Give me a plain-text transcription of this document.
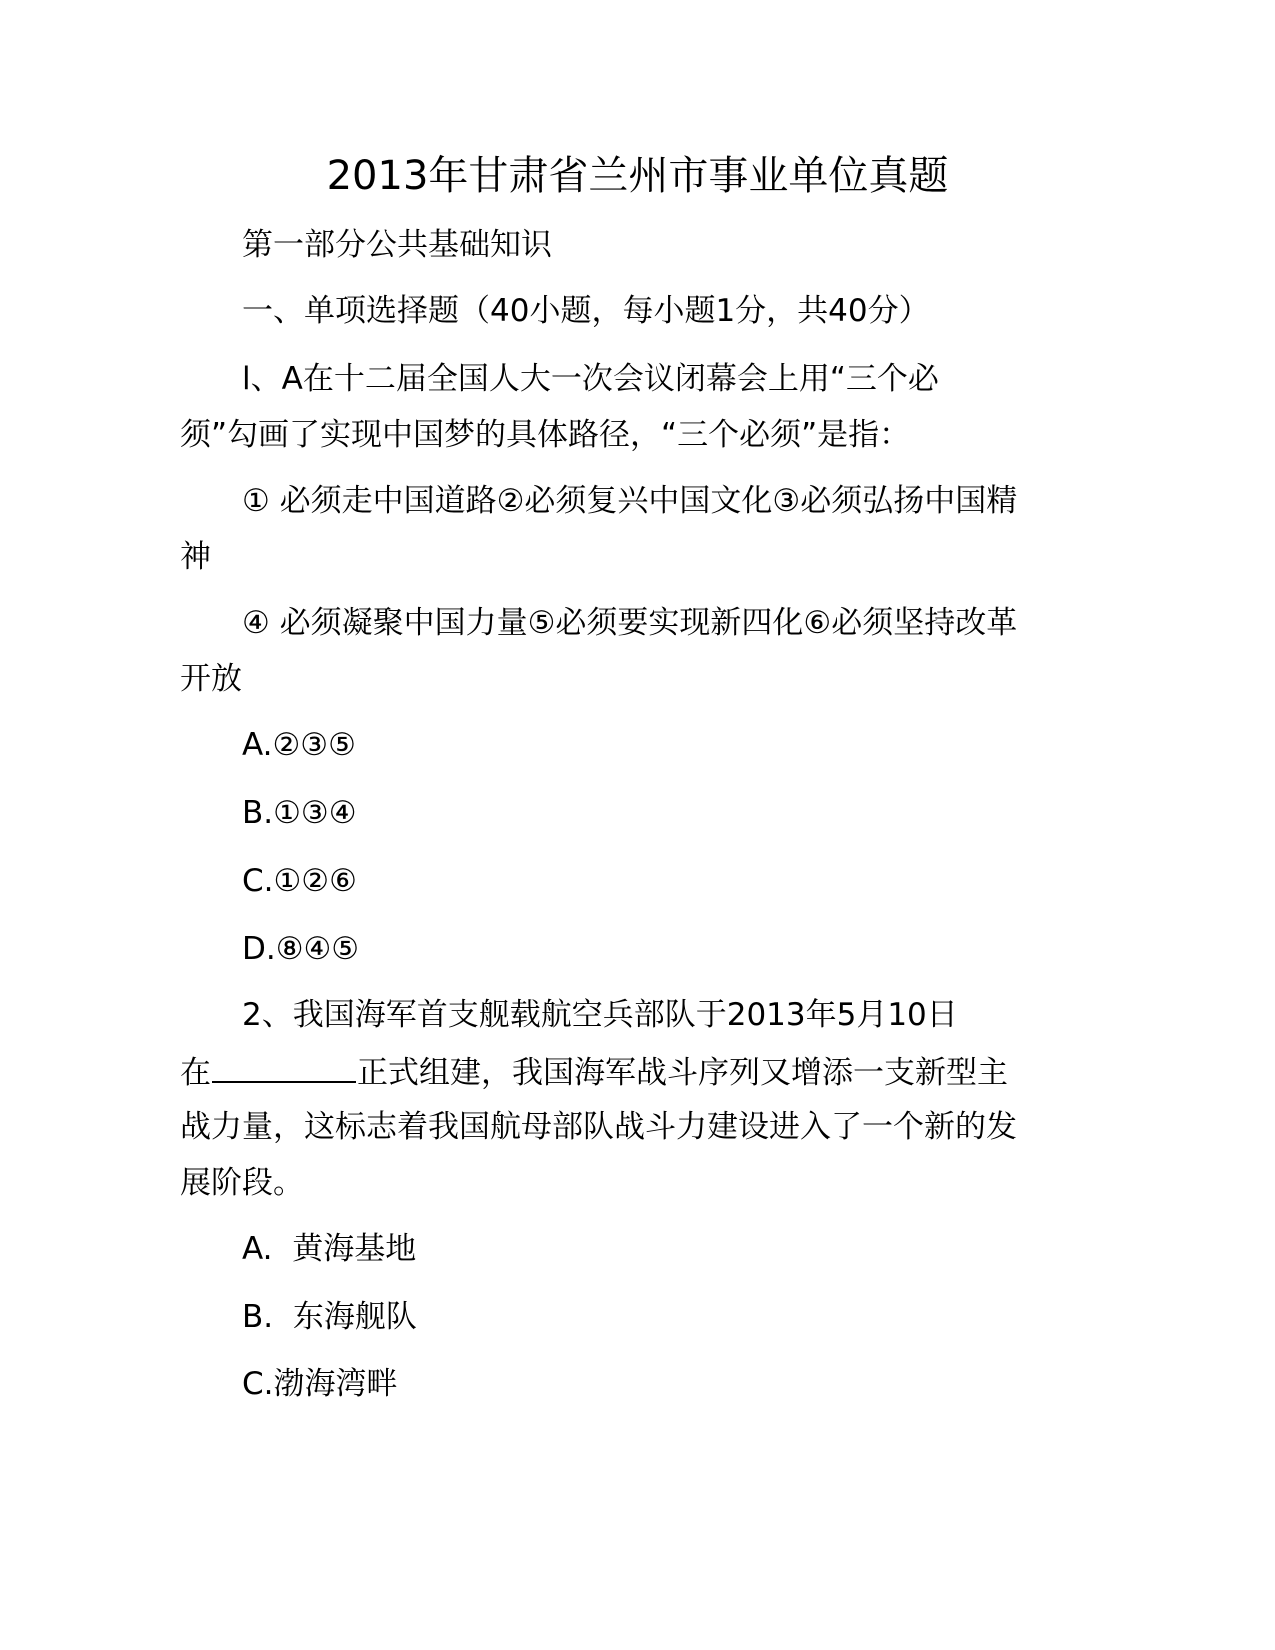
2013年甘肃省兰州市事业单位真题
第一部分公共基础知识
一、单项选择题（40小题，每小题1分，共40分）
l、A在十二届全国人大一次会议闭幕会上用“三个必
须”勾画了实现中国梦的具体路径，“三个必须”是指：
① 必须走中国道路②必须复兴中国文化③必须弘扬中国精
神
④ 必须凝聚中国力量⑤必须要实现新四化⑥必须坚持改革
开放
A.②③⑤
B.①③④
C.①②⑥
D.⑧④⑤
2、我国海军首支舰载航空兵部队于2013年5月10日
在	正式组建，我国海军战斗序列又增添一支新型主
战力量，这标志着我国航母部队战斗力建设进入了一个新的发
展阶段。
A.  黄海基地
B.  东海舰队
C.渤海湾畔
